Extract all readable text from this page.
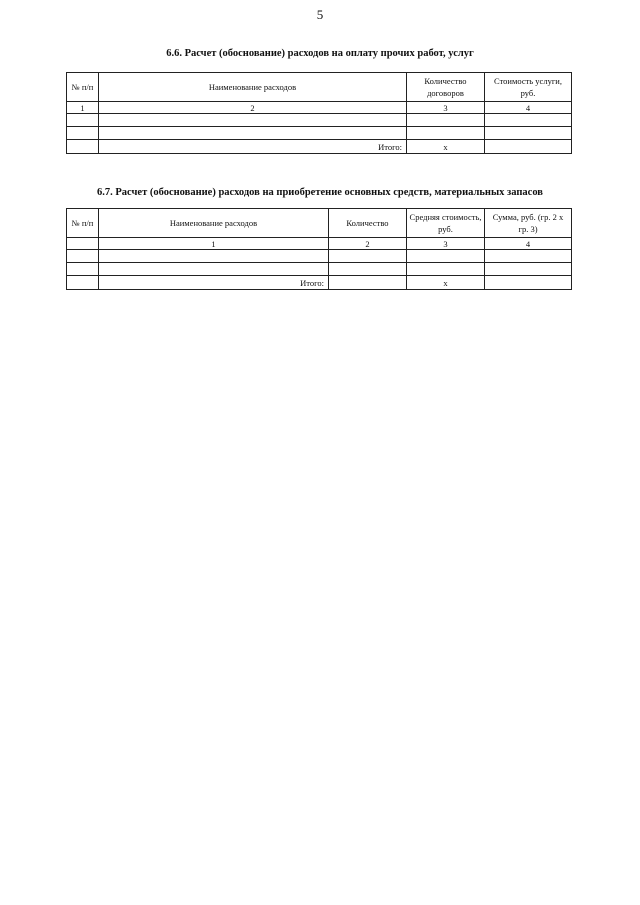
5
6.6. Расчет (обоснование) расходов на оплату прочих работ, услуг
№ п/п	Наименование расходов	Количество договоров	Стоимость услуги, руб.
1	2	3	4

	Итого:	х	
6.7. Расчет (обоснование) расходов на приобретение основных средств, материальных запасов
№ п/п	Наименование расходов	Количество	Средняя стоимость, руб.	Сумма, руб. (гр. 2 х гр. 3)
	1	2	3	4

	Итого:		х	
